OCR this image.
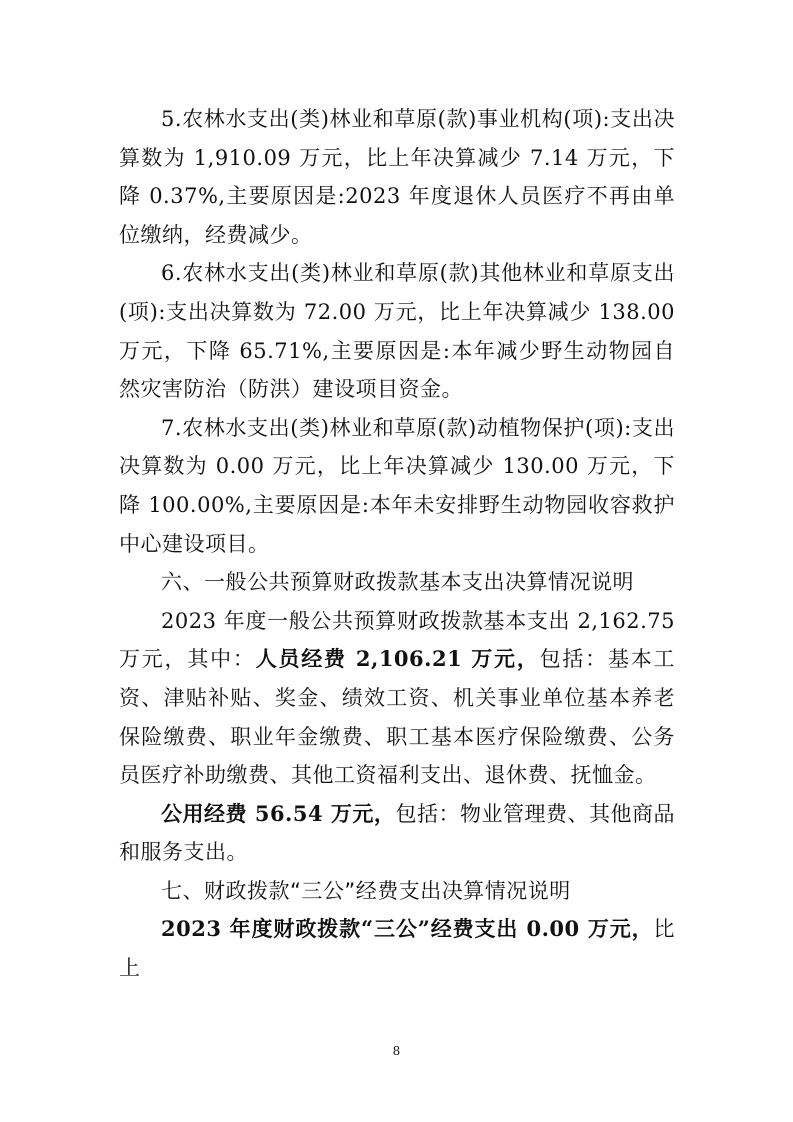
5.农林水支出(类)林业和草原(款)事业机构(项):支出决算数为 1,910.09 万元，比上年决算减少 7.14 万元，下降 0.37%,主要原因是:2023 年度退休人员医疗不再由单位缴纳，经费减少。

6.农林水支出(类)林业和草原(款)其他林业和草原支出(项):支出决算数为 72.00 万元，比上年决算减少 138.00 万元，下降 65.71%,主要原因是:本年减少野生动物园自然灾害防治（防洪）建设项目资金。

7.农林水支出(类)林业和草原(款)动植物保护(项):支出决算数为 0.00 万元，比上年决算减少 130.00 万元，下降 100.00%,主要原因是:本年未安排野生动物园收容救护中心建设项目。

六、一般公共预算财政拨款基本支出决算情况说明

2023 年度一般公共预算财政拨款基本支出 2,162.75 万元，其中：人员经费 2,106.21 万元，包括：基本工资、津贴补贴、奖金、绩效工资、机关事业单位基本养老保险缴费、职业年金缴费、职工基本医疗保险缴费、公务员医疗补助缴费、其他工资福利支出、退休费、抚恤金。

公用经费 56.54 万元，包括：物业管理费、其他商品和服务支出。

七、财政拨款“三公”经费支出决算情况说明

2023 年度财政拨款“三公”经费支出 0.00 万元，比上

8
